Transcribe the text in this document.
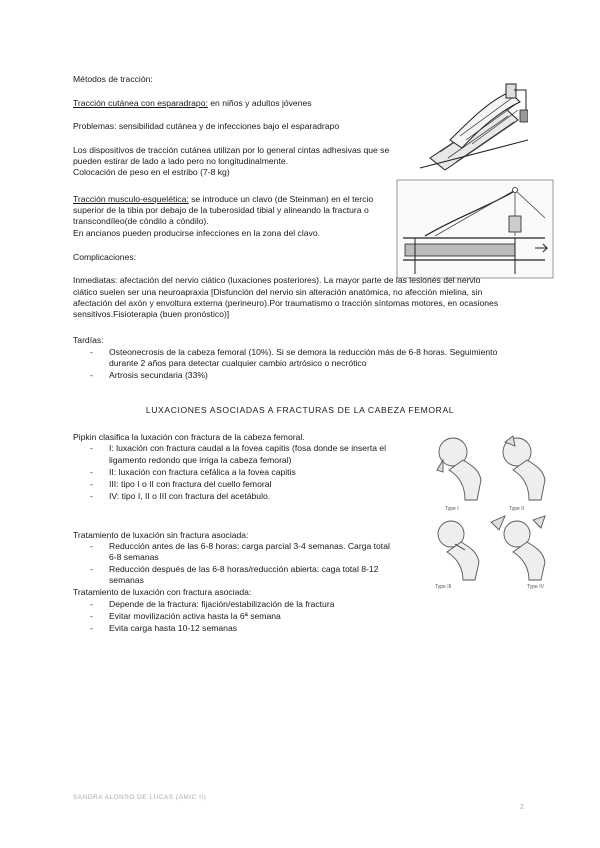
Métodos de tracción:
Tracción cutánea con esparadrapo: en niños y adultos jóvenes
Problemas: sensibilidad cutánea y de infecciones bajo el esparadrapo
Los dispositivos de tracción cutánea utilizan por lo general cintas adhesivas que se
pueden estirar de lado a lado pero no longitudinalmente.
Colocación de peso en el estribo (7-8 kg)
Tracción musculo-esquelética: se introduce un clavo (de Steinman) en el tercio
superior de la tibia por debajo de la tuberosidad tibial y alineando la fractura o
transcondíleo(de cóndilo a cóndilo).
En ancianos pueden producirse infecciones en la zona del clavo.
Complicaciones:
Inmediatas: afectación del nervio ciático (luxaciones posteriores). La mayor parte de las lesiones del nervio
ciático suelen ser una neuroapraxia [Disfunción del nervio sin alteración anatómica, no afección mielina, sin
afectación del axón y envoltura externa (perineuro).Por traumatismo o tracción síntomas motores, en ocasiones
sensitivos.Fisioterapia (buen pronóstico)]
Tardías:
- Osteonecrosis de la cabeza femoral (10%). Si se demora la reducción más de 6-8 horas. Seguimiento
durante 2 años para detectar cualquier cambio artrósico o necrótico
- Artrosis secundaria (33%)
LUXACIONES ASOCIADAS A FRACTURAS DE LA CABEZA FEMORAL
Pipkin clasifica la luxación con fractura de la cabeza femoral.
- I: luxación con fractura caudal a la fovea capitis (fosa donde se inserta el
ligamento redondo que irriga la cabeza femoral)
- II: luxación con fractura cefálica a la fovea capitis
- III: tipo I o II con fractura del cuello femoral
- IV: tipo I, II o III con fractura del acetábulo.
Type I	Type II
Type III	Type IV
Tratamiento de luxación sin fractura asociada:
- Reducción antes de las 6-8 horas: carga parcial 3-4 semanas. Carga total
6-8 semanas
- Reducción después de las 6-8 horas/reducción abierta: caga total 8-12
semanas
Tratamiento de luxación con fractura asociada:
- Depende de la fractura: fijación/estabilización de la fractura
- Evitar movilización activa hasta la 6ª semana
- Evita carga hasta 10-12 semanas
SANDRA ALONSO DE LUCAS (AMIC II)
2
